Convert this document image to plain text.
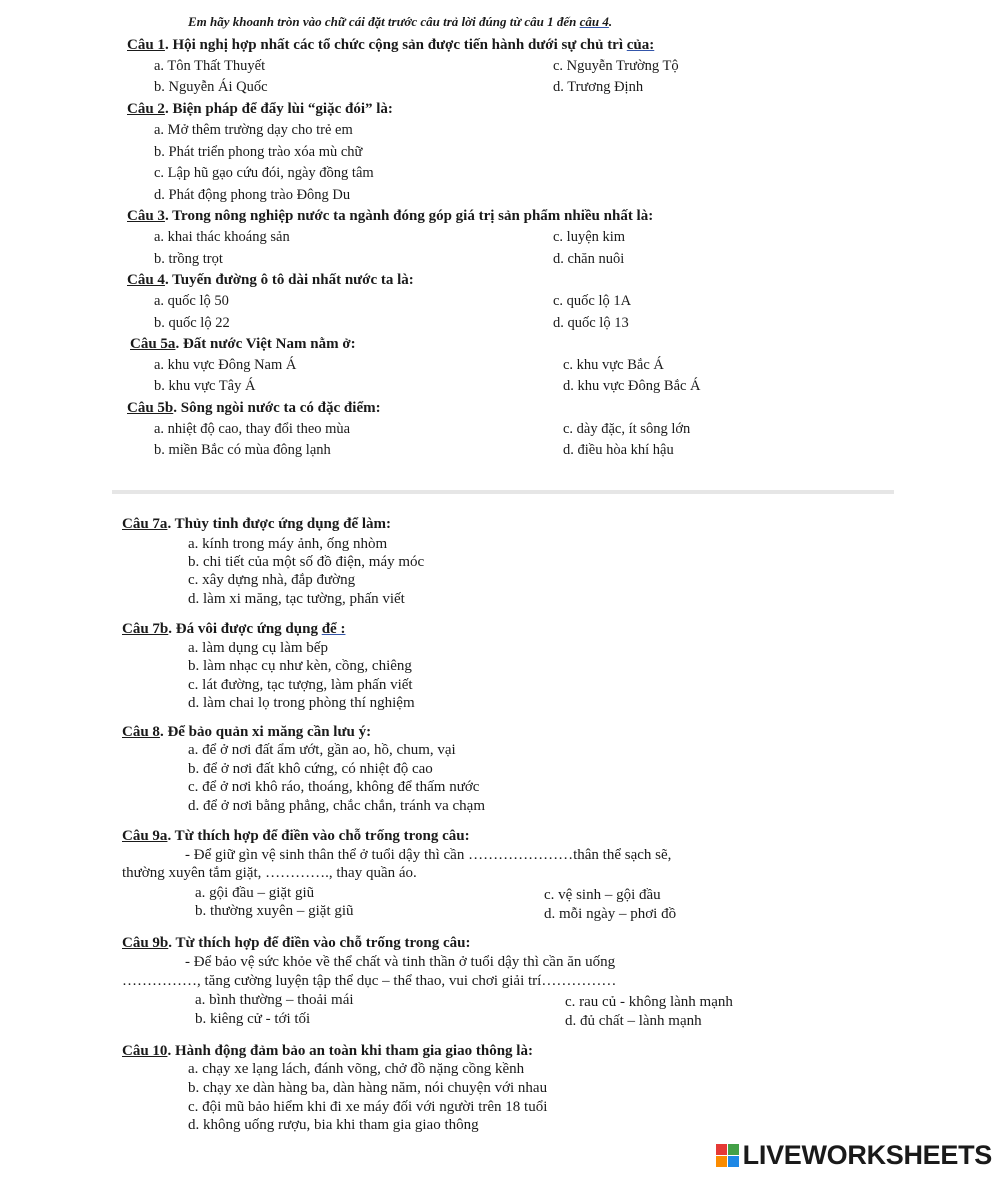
Em hãy khoanh tròn vào chữ cái đặt trước câu trả lời đúng từ câu 1 đến câu 4.
Câu 1. Hội nghị hợp nhất các tổ chức cộng sản được tiến hành dưới sự chủ trì của:
a. Tôn Thất Thuyết
b. Nguyễn Ái Quốc
c. Nguyễn Trường Tộ
d. Trương Định
Câu 2. Biện pháp để đẩy lùi “giặc đói” là:
a. Mở thêm trường dạy cho trẻ em
b. Phát triển phong trào xóa mù chữ
c. Lập hũ gạo cứu đói, ngày đồng tâm
d. Phát động phong trào Đông Du
Câu 3. Trong nông nghiệp nước ta ngành đóng góp giá trị sản phẩm nhiều nhất là:
a. khai thác khoáng sản
b. trồng trọt
c. luyện kim
d. chăn nuôi
Câu 4. Tuyến đường ô tô dài nhất nước ta là:
a. quốc lộ 50
b. quốc lộ 22
c. quốc lộ 1A
d. quốc lộ 13
Câu 5a. Đất nước Việt Nam nằm ở:
a. khu vực Đông Nam Á
b. khu vực Tây Á
c. khu vực Bắc Á
d. khu vực Đông Bắc Á
Câu 5b. Sông ngòi nước ta có đặc điểm:
a. nhiệt độ cao, thay đổi theo mùa
b. miền Bắc có mùa đông lạnh
c. dày đặc, ít sông lớn
d. điều hòa khí hậu
Câu 7a. Thủy tinh được ứng dụng để làm:
a. kính trong máy ảnh, ống nhòm
b. chi tiết của một số đồ điện, máy móc
c. xây dựng nhà, đắp đường
d. làm xi măng, tạc tường, phấn viết
Câu 7b. Đá vôi được ứng dụng để :
a. làm dụng cụ làm bếp
b. làm nhạc cụ như kèn, cồng, chiêng
c. lát đường, tạc tượng, làm phấn viết
d. làm chai lọ trong phòng thí nghiệm
Câu 8. Để bảo quản xi măng cần lưu ý:
a. để ở nơi đất ẩm ướt, gần ao, hồ, chum, vại
b. để ở nơi đất khô cứng, có nhiệt độ cao
c. để ở nơi khô ráo, thoáng, không để thấm nước
d. để ở nơi bằng phẳng, chắc chắn, tránh va chạm
Câu 9a. Từ thích hợp để điền vào chỗ trống trong câu:
- Để giữ gìn vệ sinh thân thể ở tuổi dậy thì cần …………………thân thể sạch sẽ,
thường xuyên tắm giặt, …………., thay quần áo.
a. gội đầu – giặt giũ
b. thường xuyên – giặt giũ
c. vệ sinh – gội đầu
d. mỗi ngày – phơi đồ
Câu 9b. Từ thích hợp để điền vào chỗ trống trong câu:
- Để bảo vệ sức khỏe về thể chất và tinh thần ở tuổi dậy thì cần ăn uống
……………, tăng cường luyện tập thể dục – thể thao, vui chơi giải trí……………
a. bình thường – thoải mái
b. kiêng cử - tới tối
c. rau củ - không lành mạnh
d. đủ chất – lành mạnh
Câu 10. Hành động đảm bảo an toàn khi tham gia giao thông là:
a. chạy xe lạng lách, đánh võng, chở đồ nặng cồng kềnh
b. chạy xe dàn hàng ba, dàn hàng năm, nói chuyện với nhau
c. đội mũ bảo hiểm khi đi xe máy đối với người trên 18 tuổi
d. không uống rượu, bia khi tham gia giao thông
LIVEWORKSHEETS
